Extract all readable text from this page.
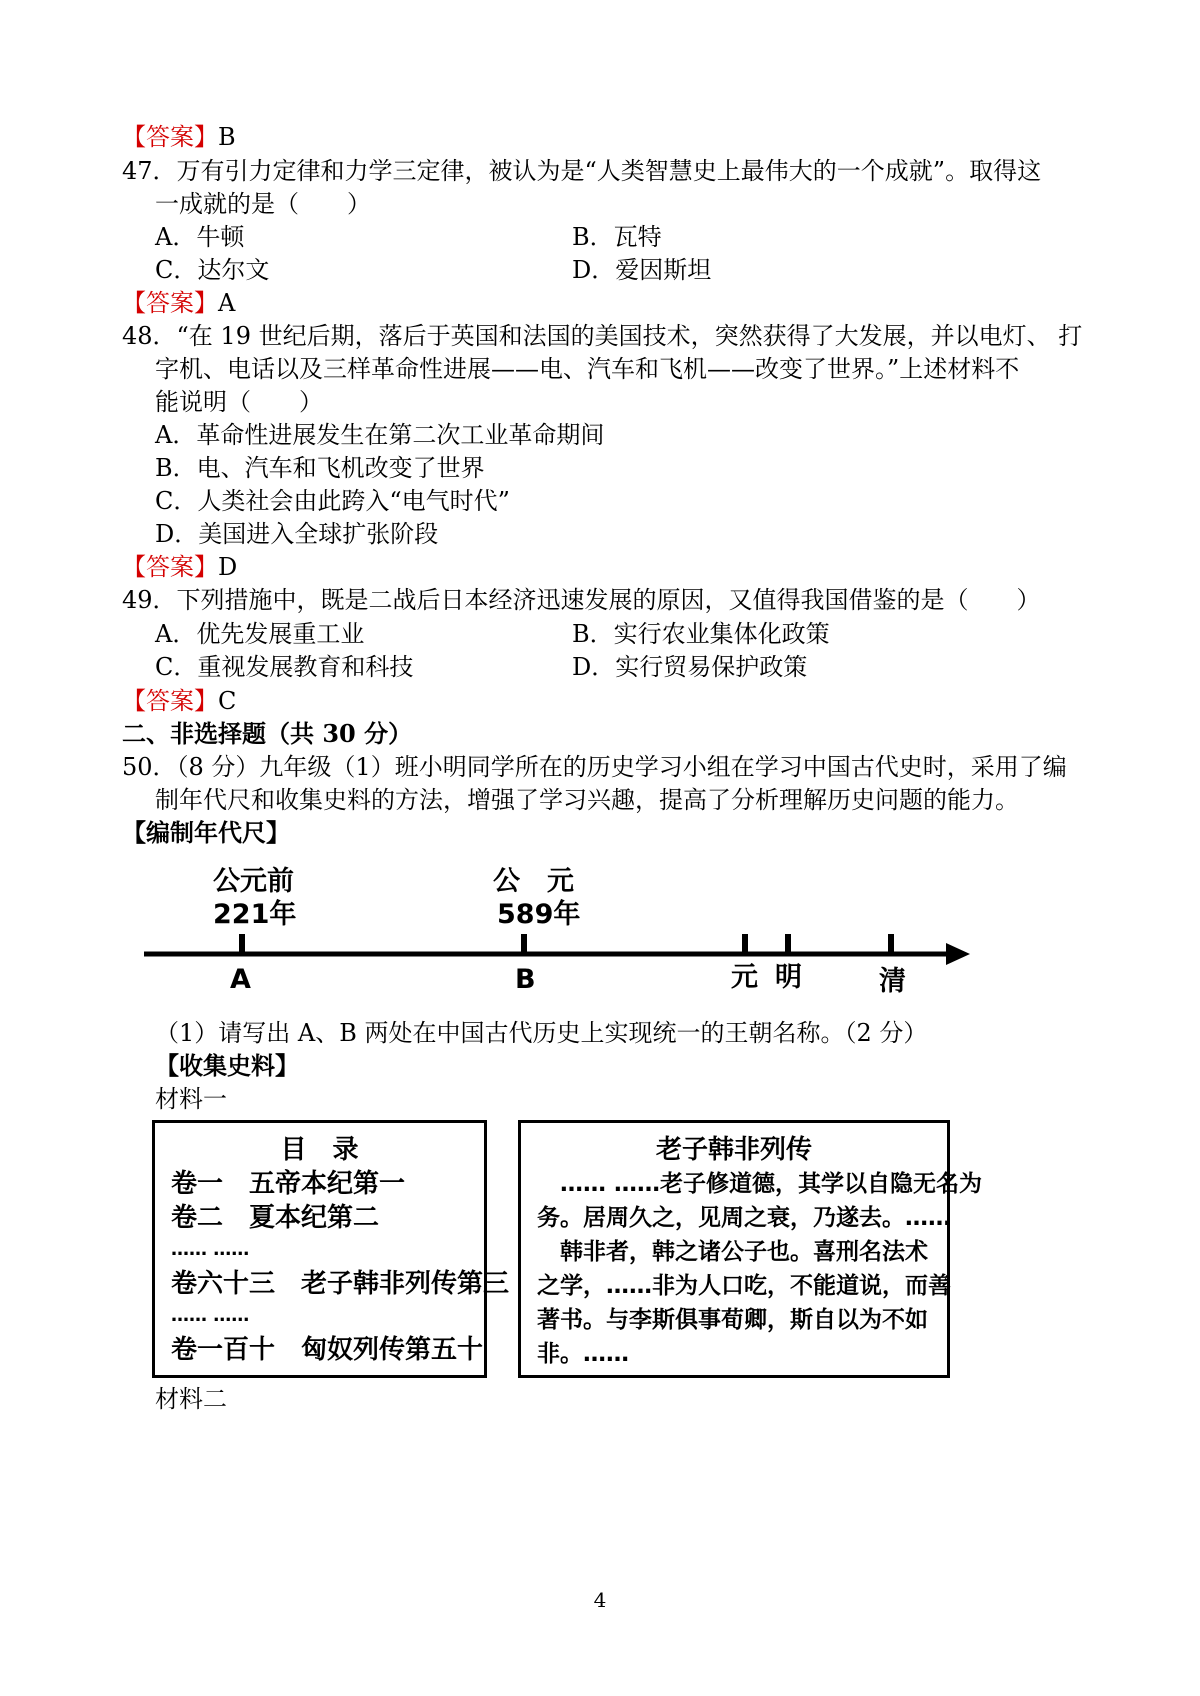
【答案】B
47．万有引力定律和力学三定律，被认为是“人类智慧史上最伟大的一个成就”。取得这
一成就的是（　　）
A．牛顿	B．瓦特
C．达尔文	D．爱因斯坦
【答案】A
48．“在 19 世纪后期，落后于英国和法国的美国技术，突然获得了大发展，并以电灯、 打
字机、电话以及三样革命性进展——电、汽车和飞机——改变了世界。”上述材料不
能说明（　　）
A．革命性进展发生在第二次工业革命期间
B．电、汽车和飞机改变了世界
C．人类社会由此跨入“电气时代”
D．美国进入全球扩张阶段
【答案】D
49．下列措施中，既是二战后日本经济迅速发展的原因，又值得我国借鉴的是（　　）
A．优先发展重工业	B．实行农业集体化政策
C．重视发展教育和科技	D．实行贸易保护政策
【答案】C
二、非选择题（共 30 分）
50．（8 分）九年级（1）班小明同学所在的历史学习小组在学习中国古代史时，采用了编
制年代尺和收集史料的方法，增强了学习兴趣，提高了分析理解历史问题的能力。
【编制年代尺】
公元前
221年
公　元
589年
A	B	元 明	清
（1）请写出 A、B 两处在中国古代历史上实现统一的王朝名称。（2 分）
【收集史料】
材料一
目　录
卷一　五帝本纪第一
卷二　夏本纪第二
…… ……
卷六十三　老子韩非列传第三
…… ……
卷一百十　匈奴列传第五十
老子韩非列传
　…… ……老子修道德，其学以自隐无名为
务。居周久之，见周之衰，乃遂去。……
　韩非者，韩之诸公子也。喜刑名法术
之学，……非为人口吃，不能道说，而善
著书。与李斯俱事荀卿，斯自以为不如
非。……
材料二
4
